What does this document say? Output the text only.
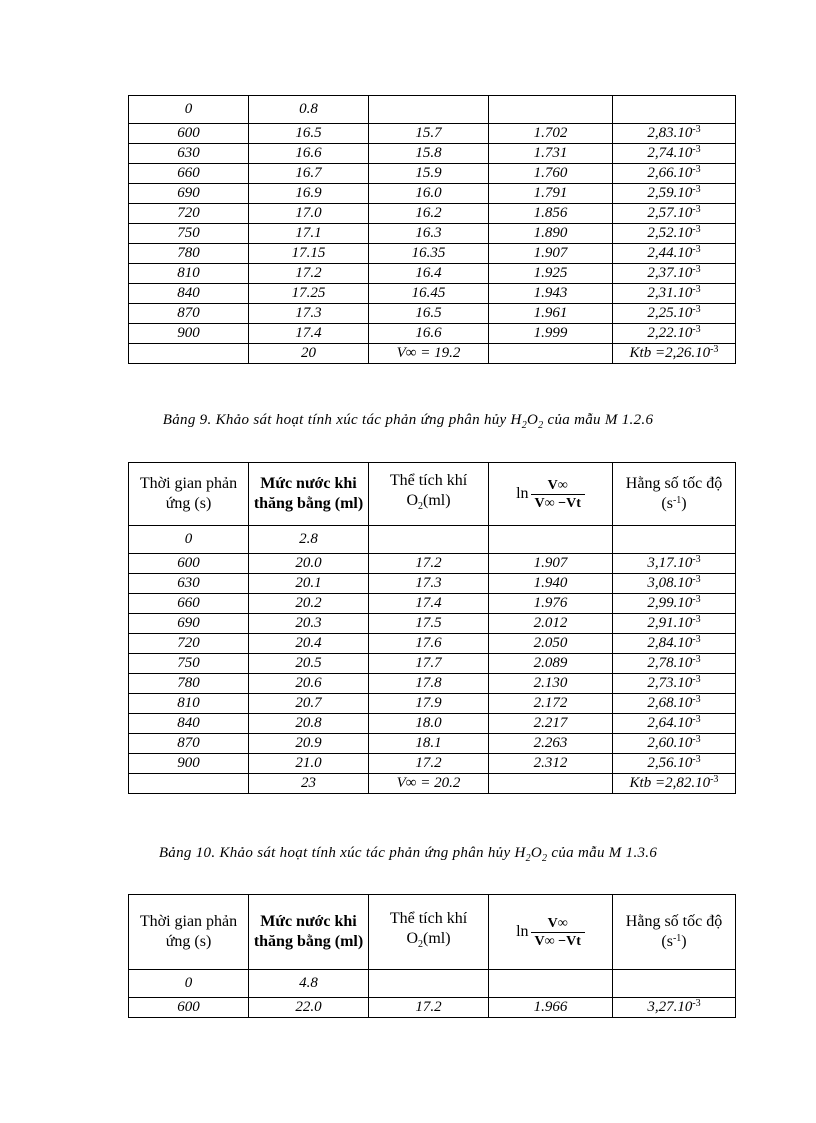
0	0.8			
600	16.5	15.7	1.702	$2,83.10^{-3}$
630	16.6	15.8	1.731	$2,74.10^{-3}$
660	16.7	15.9	1.760	$2,66.10^{-3}$
690	16.9	16.0	1.791	$2,59.10^{-3}$
720	17.0	16.2	1.856	$2,57.10^{-3}$
750	17.1	16.3	1.890	$2,52.10^{-3}$
780	17.15	16.35	1.907	$2,44.10^{-3}$
810	17.2	16.4	1.925	$2,37.10^{-3}$
840	17.25	16.45	1.943	$2,31.10^{-3}$
870	17.3	16.5	1.961	$2,25.10^{-3}$
900	17.4	16.6	1.999	$2,22.10^{-3}$
	20	V∞ = 19.2		Ktb $=2,26.10^{-3}$
Bảng 9. Khảo sát hoạt tính xúc tác phản ứng phân hủy $H_2O_2$ của mẫu M 1.2.6
Thời gian phản ứng (s)	Mức nước khi thăng bằng (ml)	Thể tích khí $O_2(ml)$	$\ln \frac{V\infty}{V\infty -Vt}$	Hằng số tốc độ
$(s^{-1})$
0	2.8			
600	20.0	17.2	1.907	$3,17.10^{-3}$
630	20.1	17.3	1.940	$3,08.10^{-3}$
660	20.2	17.4	1.976	$2,99.10^{-3}$
690	20.3	17.5	2.012	$2,91.10^{-3}$
720	20.4	17.6	2.050	$2,84.10^{-3}$
750	20.5	17.7	2.089	$2,78.10^{-3}$
780	20.6	17.8	2.130	$2,73.10^{-3}$
810	20.7	17.9	2.172	$2,68.10^{-3}$
840	20.8	18.0	2.217	$2,64.10^{-3}$
870	20.9	18.1	2.263	$2,60.10^{-3}$
900	21.0	17.2	2.312	$2,56.10^{-3}$
	23	V∞ = 20.2		Ktb $=2,82.10^{-3}$
Bảng 10. Khảo sát hoạt tính xúc tác phản ứng phân hủy $H_2O_2$ của mẫu M 1.3.6
Thời gian phản ứng (s)	Mức nước khi thăng bằng (ml)	Thể tích khí $O_2(ml)$	$\ln \frac{V\infty}{V\infty -Vt}$	Hằng số tốc độ
$(s^{-1})$
0	4.8			
600	22.0	17.2	1.966	$3,27.10^{-3}$
